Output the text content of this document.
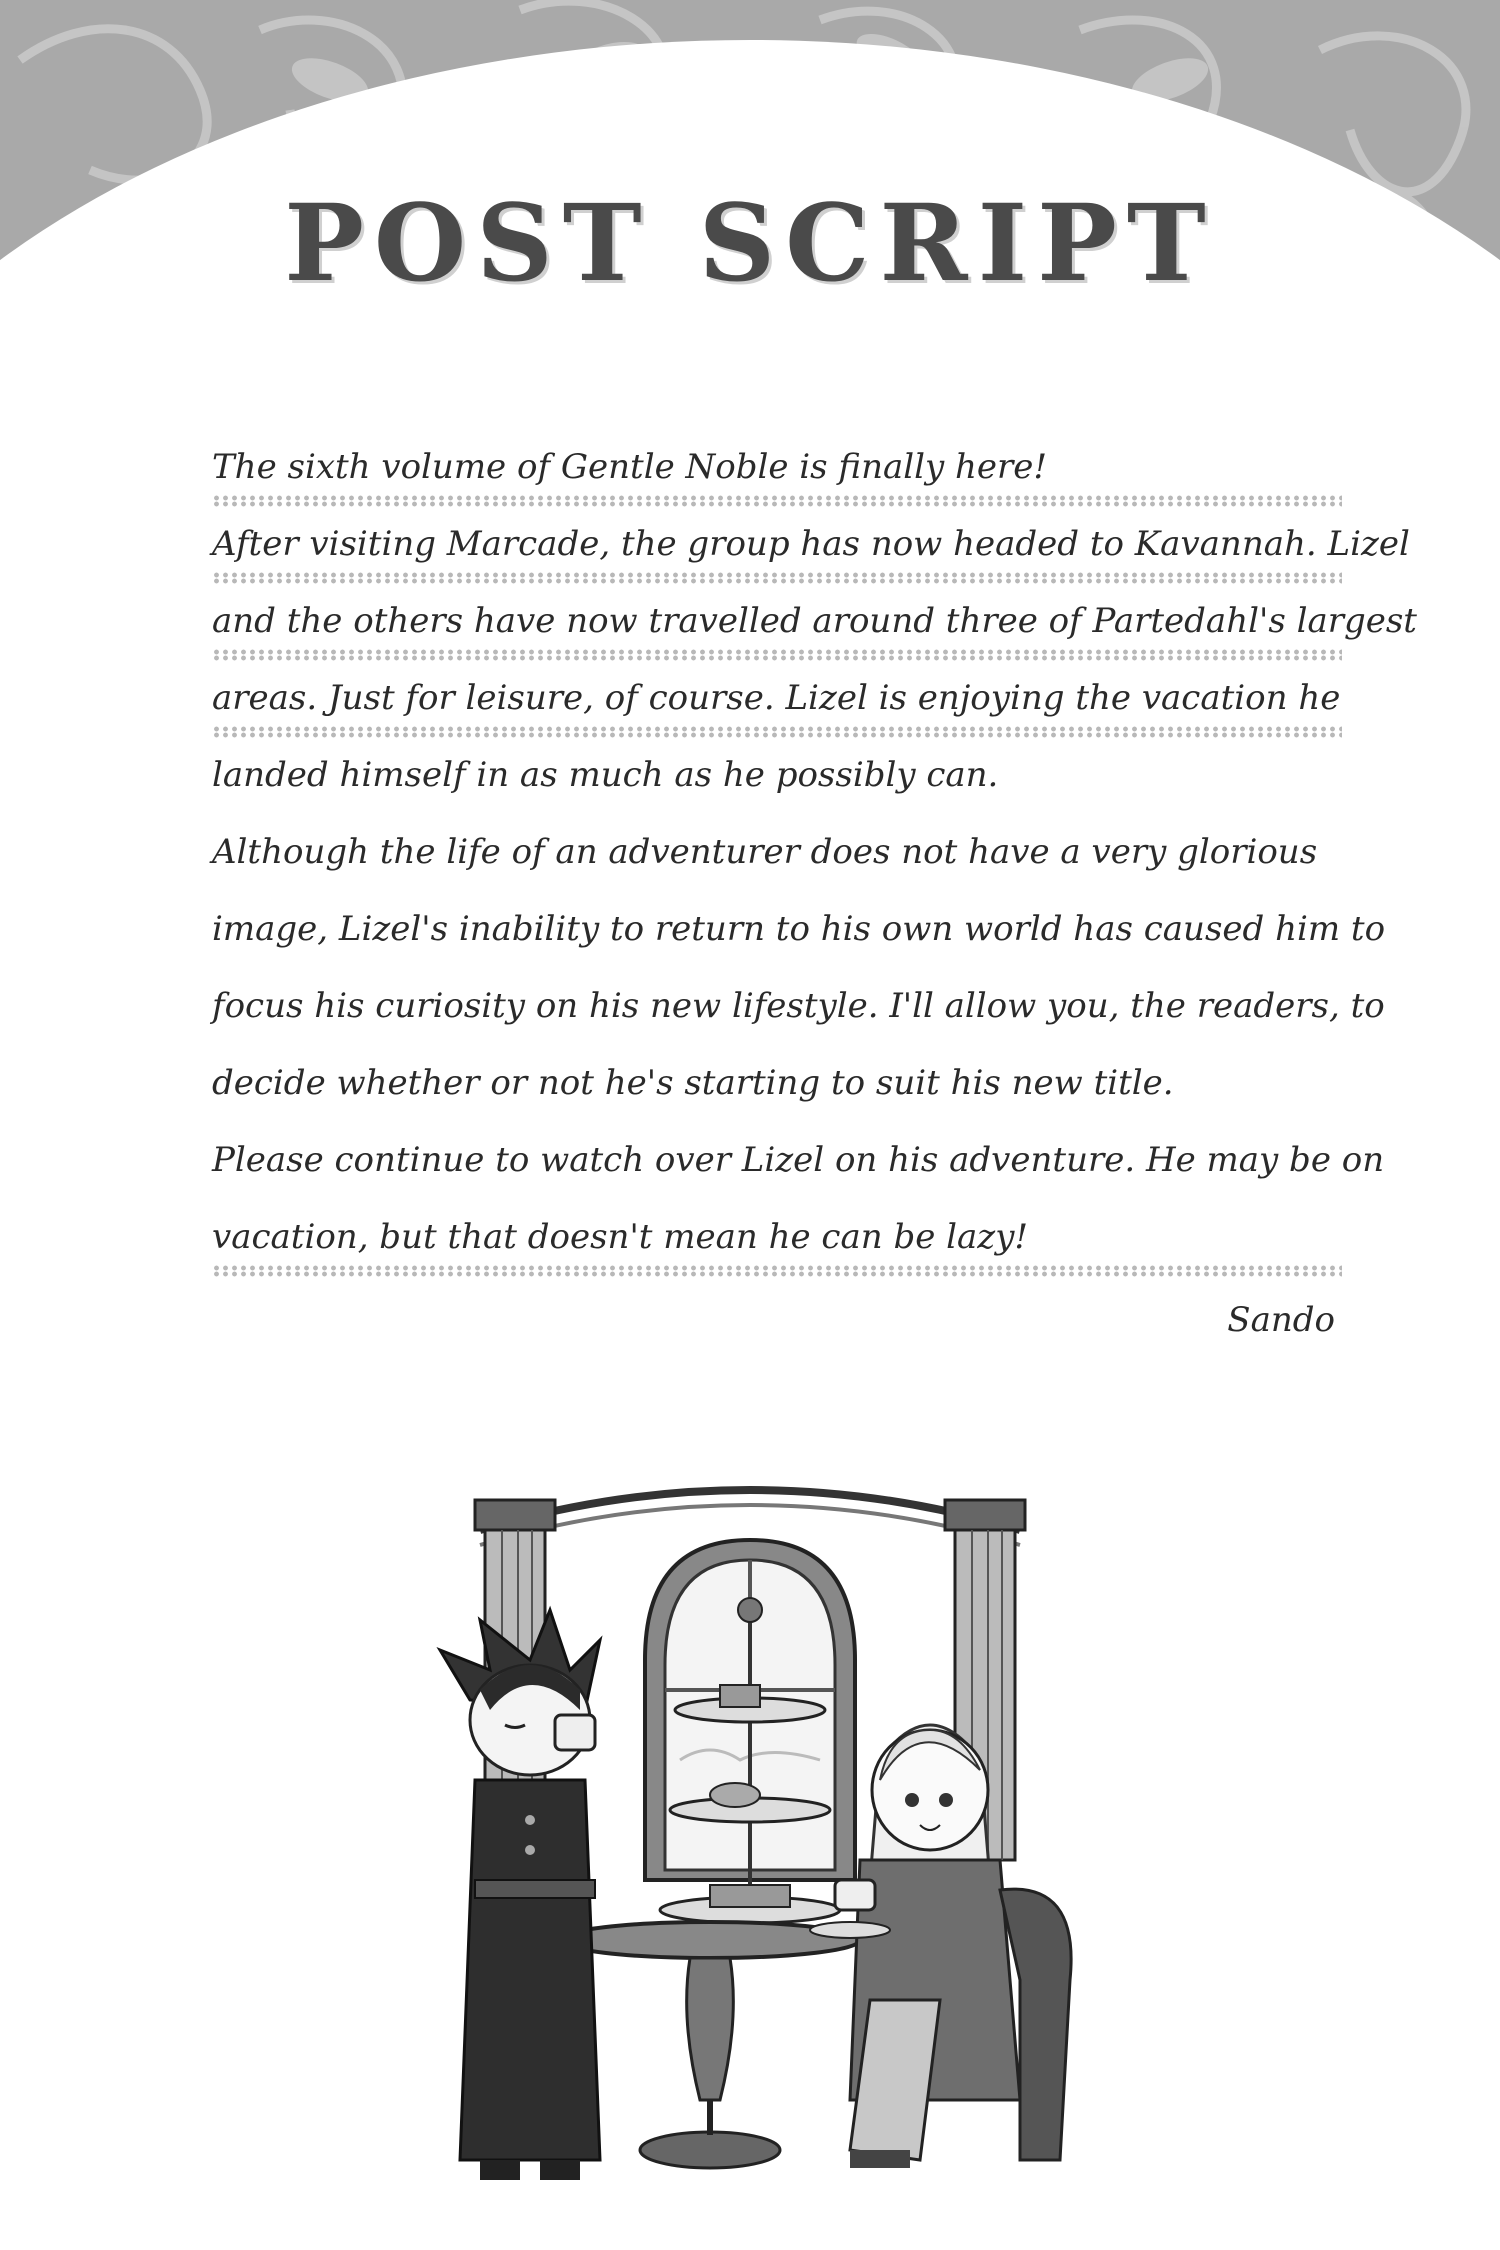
POST SCRIPT
The sixth volume of Gentle Noble is finally here!
After visiting Marcade, the group has now headed to Kavannah. Lizel
and the others have now travelled around three of Partedahl's largest
areas. Just for leisure, of course. Lizel is enjoying the vacation he
landed himself in as much as he possibly can.
Although the life of an adventurer does not have a very glorious
image, Lizel's inability to return to his own world has caused him to
focus his curiosity on his new lifestyle. I'll allow you, the readers, to
decide whether or not he's starting to suit his new title.
Please continue to watch over Lizel on his adventure. He may be on
vacation, but that doesn't mean he can be lazy!
Sando
